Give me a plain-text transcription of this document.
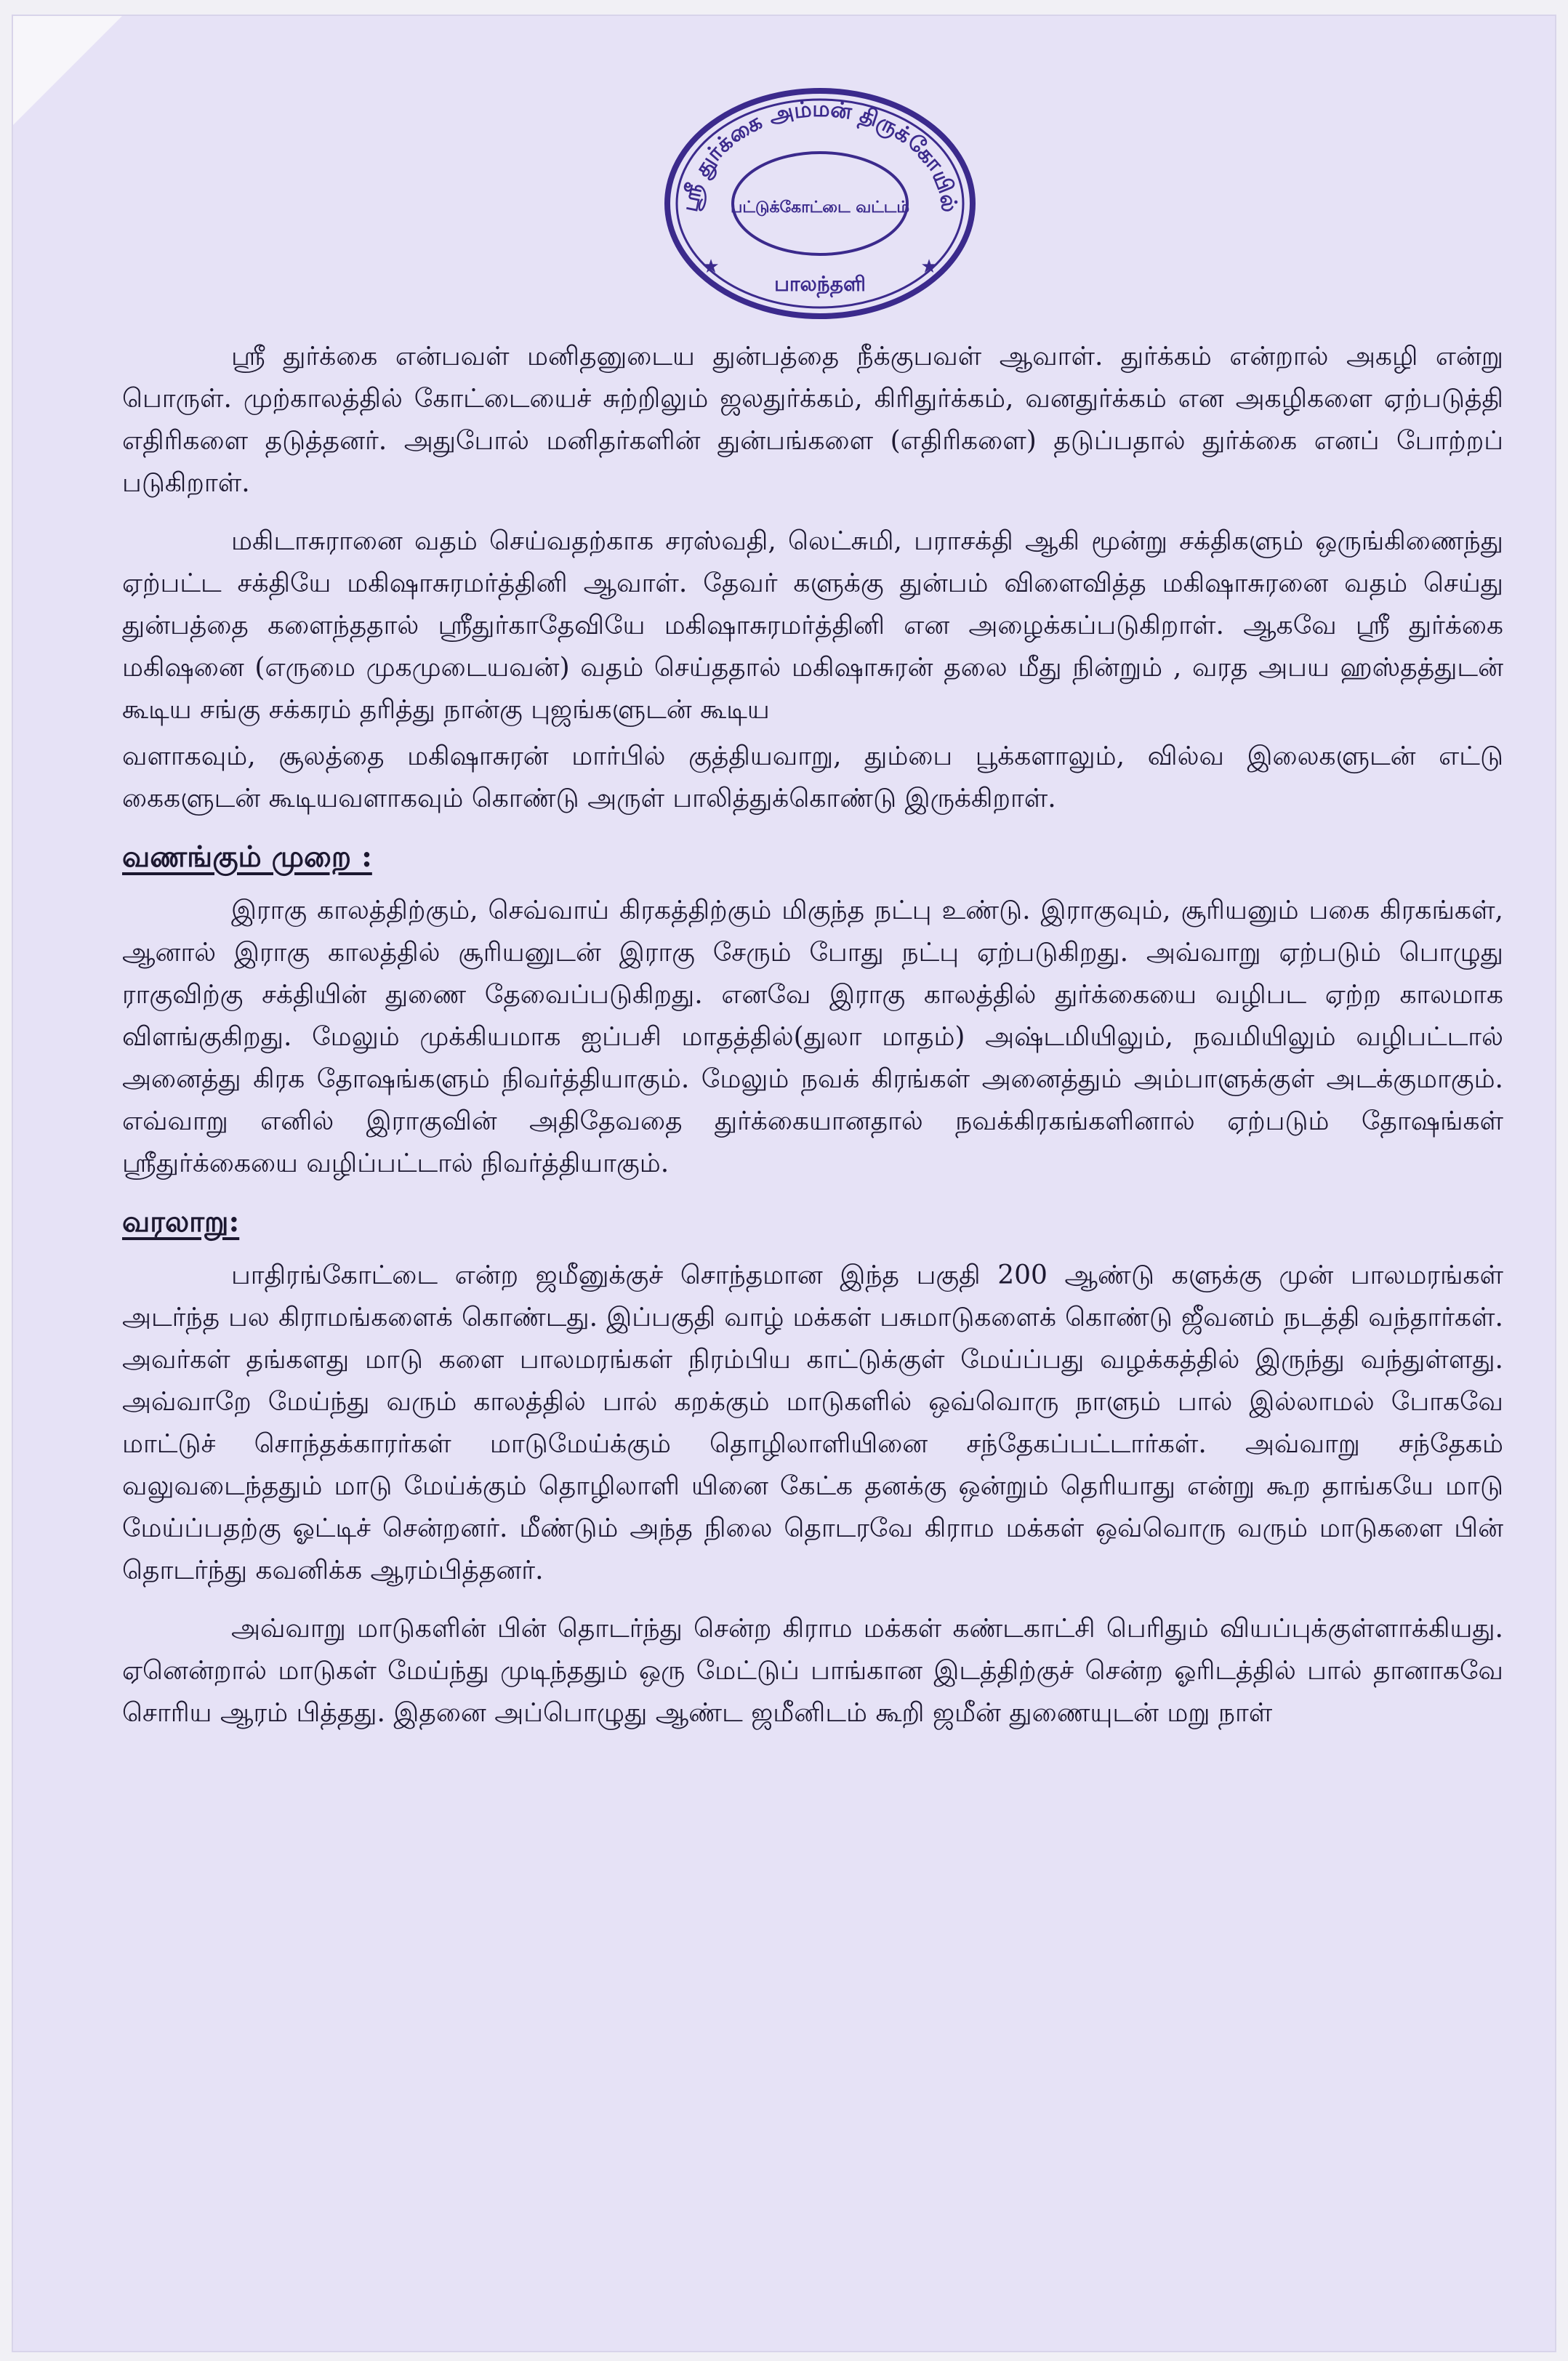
ஸ்ரீ துர்க்கை அம்மன் திருக்கோயில்
பட்டுக்கோட்டை வட்டம்
பாலந்தளி
★	★

ஸ்ரீ துர்க்கை என்பவள் மனிதனுடைய துன்பத்தை நீக்குபவள் ஆவாள். துர்க்கம் என்றால் அகழி என்று பொருள். முற்காலத்தில் கோட்டையைச் சுற்றிலும் ஜலதுர்க்கம், கிரிதுர்க்கம், வனதுர்க்கம் என அகழிகளை ஏற்படுத்தி எதிரிகளை தடுத்தனர். அதுபோல் மனிதர்களின் துன்பங்களை (எதிரிகளை) தடுப்பதால் துர்க்கை எனப் போற்றப் படுகிறாள்.

மகிடாசுரானை வதம் செய்வதற்காக சரஸ்வதி, லெட்சுமி, பராசக்தி ஆகி மூன்று சக்திகளும் ஒருங்கிணைந்து ஏற்பட்ட சக்தியே மகிஷாசுரமர்த்தினி ஆவாள். தேவர் களுக்கு துன்பம் விளைவித்த மகிஷாசுரனை வதம் செய்து துன்பத்தை களைந்ததால் ஸ்ரீதுர்காதேவியே மகிஷாசுரமர்த்தினி என அழைக்கப்படுகிறாள். ஆகவே ஸ்ரீ துர்க்கை மகிஷனை (எருமை முகமுடையவன்) வதம் செய்ததால் மகிஷாசுரன் தலை மீது நின்றும் , வரத அபய ஹஸ்தத்துடன் கூடிய சங்கு சக்கரம் தரித்து நான்கு புஜங்களுடன் கூடிய

வளாகவும், சூலத்தை மகிஷாசுரன் மார்பில் குத்தியவாறு, தும்பை பூக்களாலும், வில்வ இலைகளுடன் எட்டு கைகளுடன் கூடியவளாகவும் கொண்டு அருள் பாலித்துக்கொண்டு இருக்கிறாள்.

வணங்கும் முறை :

இராகு காலத்திற்கும், செவ்வாய் கிரகத்திற்கும் மிகுந்த நட்பு உண்டு. இராகுவும், சூரியனும் பகை கிரகங்கள், ஆனால் இராகு காலத்தில் சூரியனுடன் இராகு சேரும் போது நட்பு ஏற்படுகிறது. அவ்வாறு ஏற்படும் பொழுது ராகுவிற்கு சக்தியின் துணை தேவைப்படுகிறது. எனவே இராகு காலத்தில் துர்க்கையை வழிபட ஏற்ற காலமாக விளங்குகிறது. மேலும் முக்கியமாக ஐப்பசி மாதத்தில்(துலா மாதம்) அஷ்டமியிலும், நவமியிலும் வழிபட்டால் அனைத்து கிரக தோஷங்களும் நிவர்த்தியாகும். மேலும் நவக் கிரங்கள் அனைத்தும் அம்பாளுக்குள் அடக்குமாகும். எவ்வாறு எனில் இராகுவின் அதிதேவதை துர்க்கையானதால் நவக்கிரகங்களினால் ஏற்படும் தோஷங்கள் ஸ்ரீதுர்க்கையை வழிப்பட்டால் நிவர்த்தியாகும்.

வரலாறு:

பாதிரங்கோட்டை என்ற ஜமீனுக்குச் சொந்தமான இந்த பகுதி 200 ஆண்டு களுக்கு முன் பாலமரங்கள் அடர்ந்த பல கிராமங்களைக் கொண்டது. இப்பகுதி வாழ் மக்கள் பசுமாடுகளைக் கொண்டு ஜீவனம் நடத்தி வந்தார்கள். அவர்கள் தங்களது மாடு களை பாலமரங்கள் நிரம்பிய காட்டுக்குள் மேய்ப்பது வழக்கத்தில் இருந்து வந்துள்ளது. அவ்வாறே மேய்ந்து வரும் காலத்தில் பால் கறக்கும் மாடுகளில் ஒவ்வொரு நாளும் பால் இல்லாமல் போகவே மாட்டுச் சொந்தக்காரர்கள் மாடுமேய்க்கும் தொழிலாளியினை சந்தேகப்பட்டார்கள். அவ்வாறு சந்தேகம் வலுவடைந்ததும் மாடு மேய்க்கும் தொழிலாளி யினை கேட்க தனக்கு ஒன்றும் தெரியாது என்று கூற தாங்கயே மாடு மேய்ப்பதற்கு ஓட்டிச் சென்றனர். மீண்டும் அந்த நிலை தொடரவே கிராம மக்கள் ஒவ்வொரு வரும் மாடுகளை பின் தொடர்ந்து கவனிக்க ஆரம்பித்தனர்.

அவ்வாறு மாடுகளின் பின் தொடர்ந்து சென்ற கிராம மக்கள் கண்டகாட்சி பெரிதும் வியப்புக்குள்ளாக்கியது. ஏனென்றால் மாடுகள் மேய்ந்து முடிந்ததும் ஒரு மேட்டுப் பாங்கான இடத்திற்குச் சென்ற ஓரிடத்தில் பால் தானாகவே சொரிய ஆரம் பித்தது. இதனை அப்பொழுது ஆண்ட ஜமீனிடம் கூறி ஜமீன் துணையுடன் மறு நாள்
